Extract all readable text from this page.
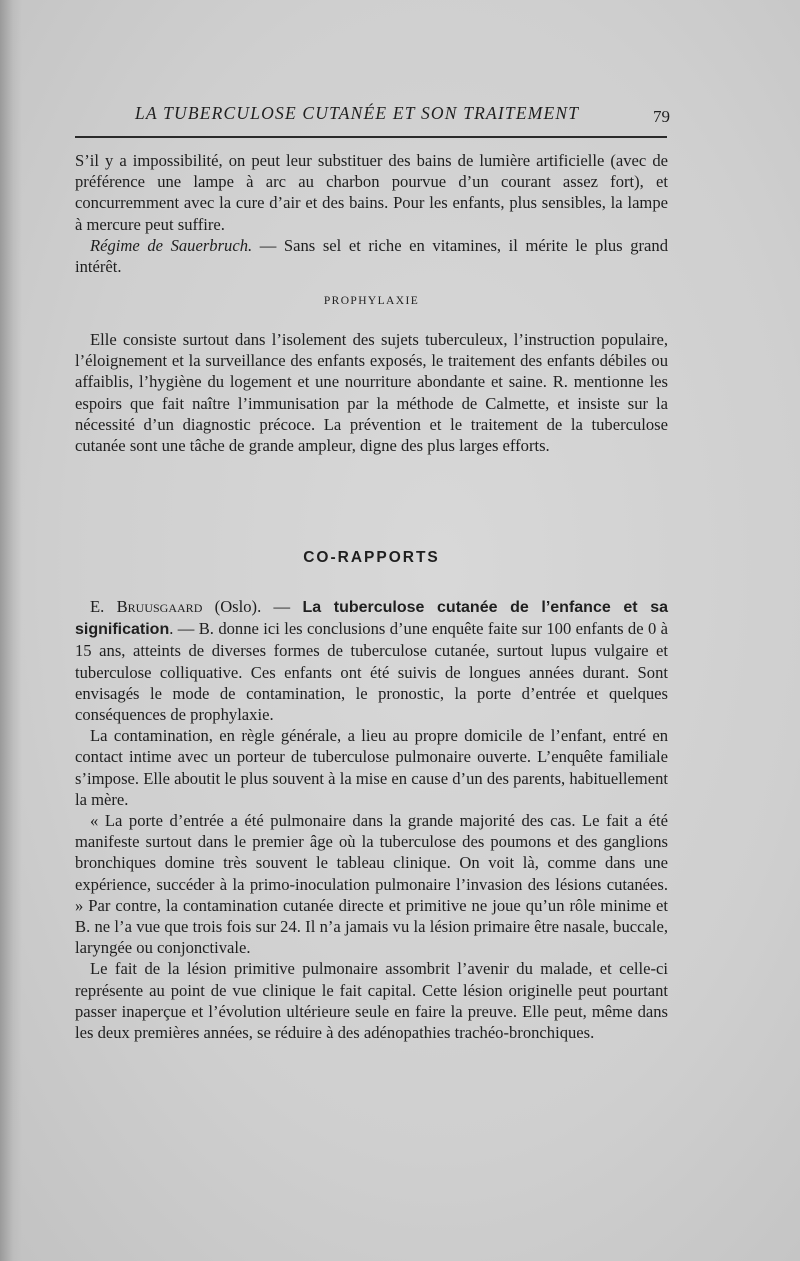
LA TUBERCULOSE CUTANÉE ET SON TRAITEMENT	79

S’il y a impossibilité, on peut leur substituer des bains de lumière artificielle (avec de préférence une lampe à arc au charbon pourvue d’un courant assez fort), et concurremment avec la cure d’air et des bains. Pour les enfants, plus sensibles, la lampe à mercure peut suffire.

Régime de Sauerbruch. — Sans sel et riche en vitamines, il mérite le plus grand intérêt.

PROPHYLAXIE

Elle consiste surtout dans l’isolement des sujets tuberculeux, l’instruction populaire, l’éloignement et la surveillance des enfants exposés, le traitement des enfants débiles ou affaiblis, l’hygiène du logement et une nourriture abondante et saine. R. mentionne les espoirs que fait naître l’immunisation par la méthode de Calmette, et insiste sur la nécessité d’un diagnostic précoce. La prévention et le traitement de la tuberculose cutanée sont une tâche de grande ampleur, digne des plus larges efforts.

CO-RAPPORTS

E. Bruusgaard (Oslo). — La tuberculose cutanée de l’enfance et sa signification. — B. donne ici les conclusions d’une enquête faite sur 100 enfants de 0 à 15 ans, atteints de diverses formes de tuberculose cutanée, surtout lupus vulgaire et tuberculose colliquative. Ces enfants ont été suivis de longues années durant. Sont envisagés le mode de contamination, le pronostic, la porte d’entrée et quelques conséquences de prophylaxie.

La contamination, en règle générale, a lieu au propre domicile de l’enfant, entré en contact intime avec un porteur de tuberculose pulmonaire ouverte. L’enquête familiale s’impose. Elle aboutit le plus souvent à la mise en cause d’un des parents, habituellement la mère.

« La porte d’entrée a été pulmonaire dans la grande majorité des cas. Le fait a été manifeste surtout dans le premier âge où la tuberculose des poumons et des ganglions bronchiques domine très souvent le tableau clinique. On voit là, comme dans une expérience, succéder à la primo-inoculation pulmonaire l’invasion des lésions cutanées. » Par contre, la contamination cutanée directe et primitive ne joue qu’un rôle minime et B. ne l’a vue que trois fois sur 24. Il n’a jamais vu la lésion primaire être nasale, buccale, laryngée ou conjonctivale.

Le fait de la lésion primitive pulmonaire assombrit l’avenir du malade, et celle-ci représente au point de vue clinique le fait capital. Cette lésion originelle peut pourtant passer inaperçue et l’évolution ultérieure seule en faire la preuve. Elle peut, même dans les deux premières années, se réduire à des adénopathies trachéo-bronchiques.
